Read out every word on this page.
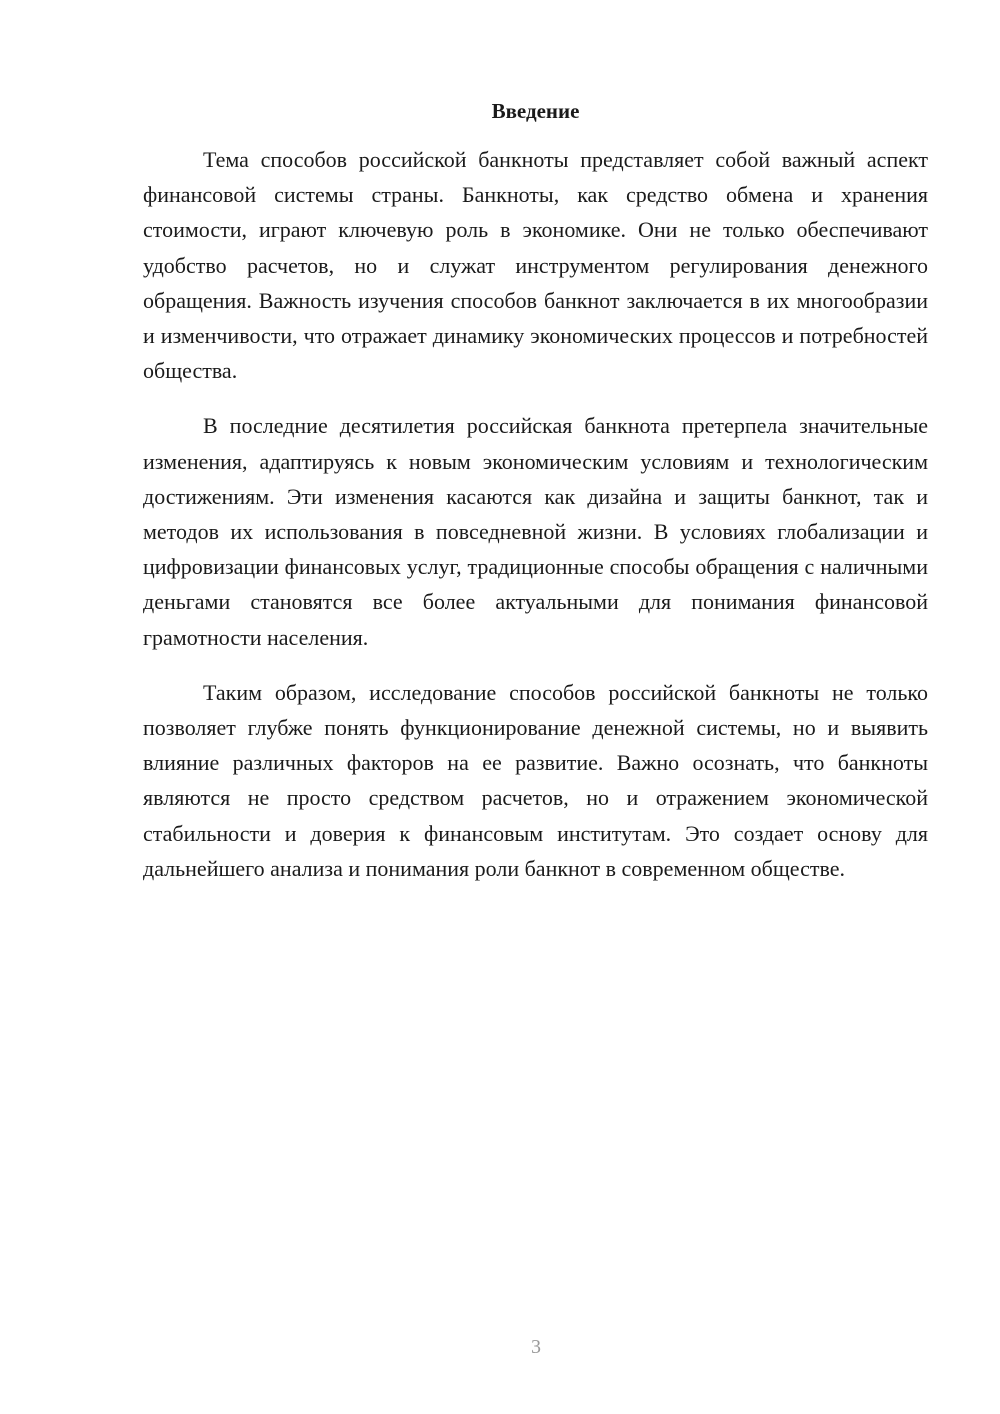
Введение

Тема способов российской банкноты представляет собой важный аспект финансовой системы страны. Банкноты, как средство обмена и хранения стоимости, играют ключевую роль в экономике. Они не только обеспечивают удобство расчетов, но и служат инструментом регулирования денежного обращения. Важность изучения способов банкнот заключается в их многообразии и изменчивости, что отражает динамику экономических процессов и потребностей общества.

В последние десятилетия российская банкнота претерпела значительные изменения, адаптируясь к новым экономическим условиям и технологическим достижениям. Эти изменения касаются как дизайна и защиты банкнот, так и методов их использования в повседневной жизни. В условиях глобализации и цифровизации финансовых услуг, традиционные способы обращения с наличными деньгами становятся все более актуальными для понимания финансовой грамотности населения.

Таким образом, исследование способов российской банкноты не только позволяет глубже понять функционирование денежной системы, но и выявить влияние различных факторов на ее развитие. Важно осознать, что банкноты являются не просто средством расчетов, но и отражением экономической стабильности и доверия к финансовым институтам. Это создает основу для дальнейшего анализа и понимания роли банкнот в современном обществе.

3
